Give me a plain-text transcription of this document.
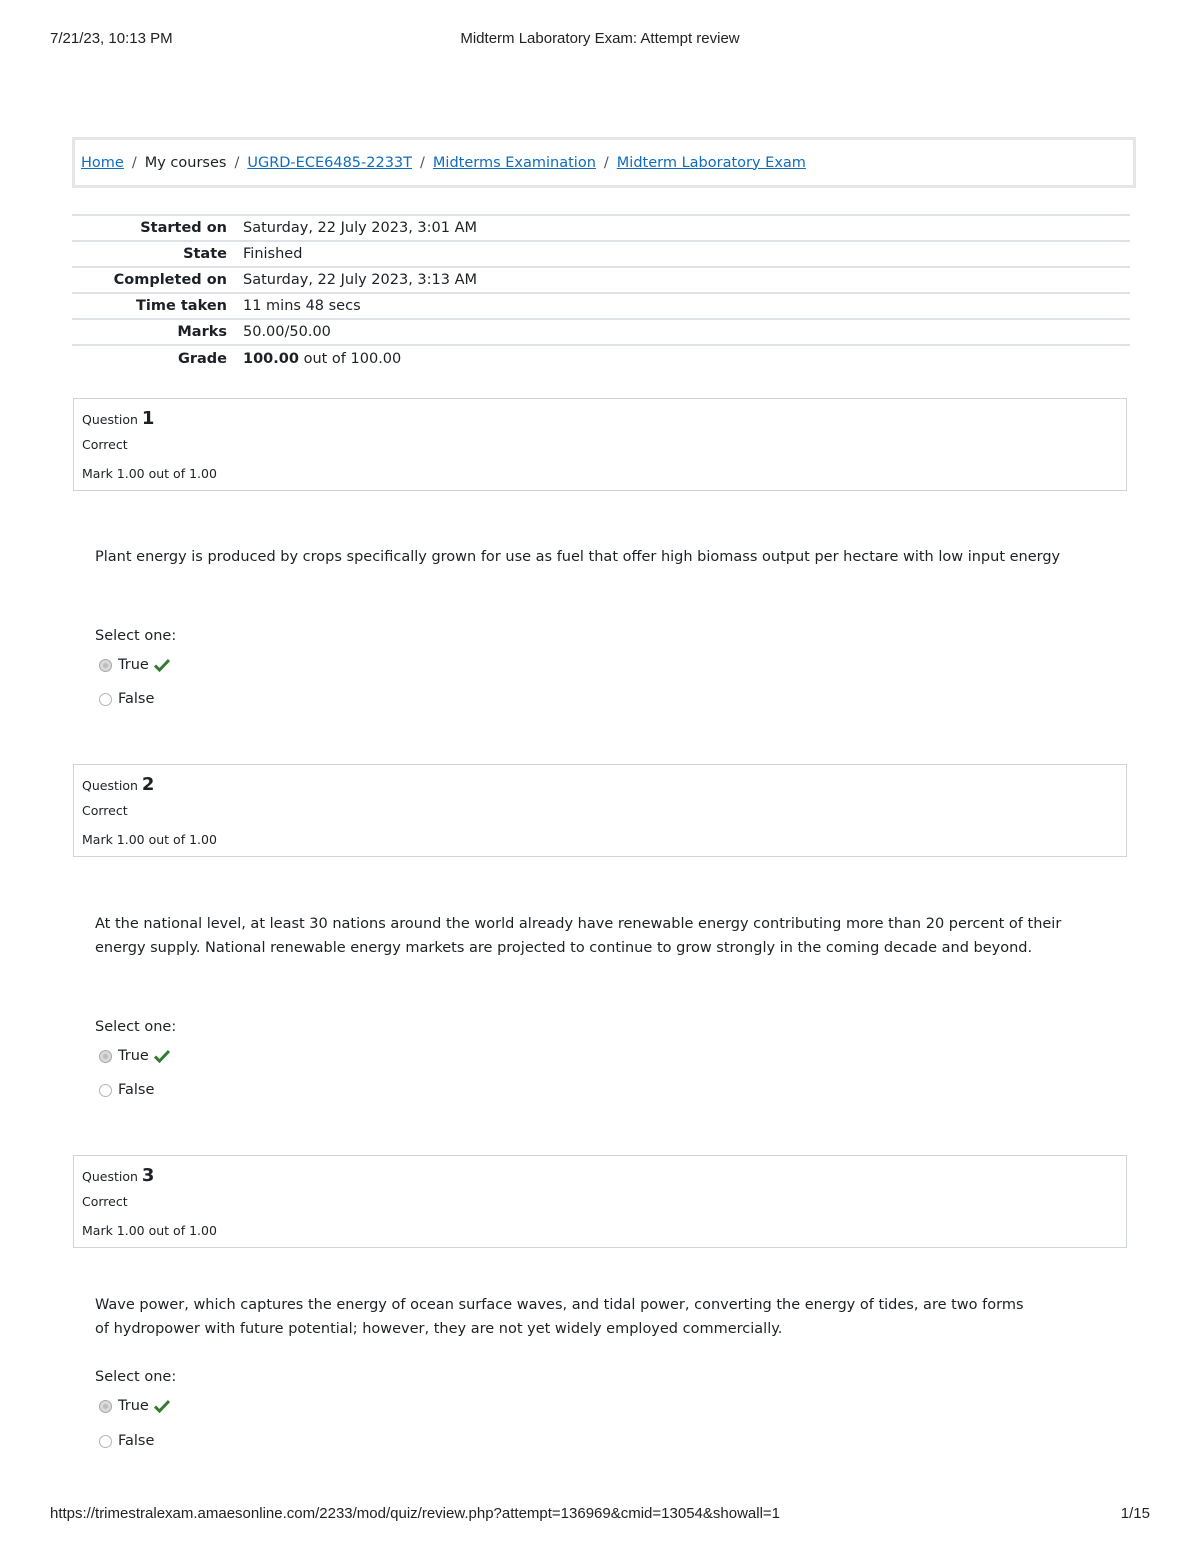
7/21/23, 10:13 PM	Midterm Laboratory Exam: Attempt review
Home / My courses / UGRD-ECE6485-2233T / Midterms Examination / Midterm Laboratory Exam
Started on	Saturday, 22 July 2023, 3:01 AM
State	Finished
Completed on	Saturday, 22 July 2023, 3:13 AM
Time taken	11 mins 48 secs
Marks	50.00/50.00
Grade	100.00 out of 100.00
Question 1
Correct
Mark 1.00 out of 1.00
Plant energy is produced by crops specifically grown for use as fuel that offer high biomass output per hectare with low input energy
Select one:
True
False
Question 2
Correct
Mark 1.00 out of 1.00
At the national level, at least 30 nations around the world already have renewable energy contributing more than 20 percent of their energy supply. National renewable energy markets are projected to continue to grow strongly in the coming decade and beyond.
Select one:
True
False
Question 3
Correct
Mark 1.00 out of 1.00
Wave power, which captures the energy of ocean surface waves, and tidal power, converting the energy of tides, are two forms of hydropower with future potential; however, they are not yet widely employed commercially.
Select one:
True
False
https://trimestralexam.amaesonline.com/2233/mod/quiz/review.php?attempt=136969&cmid=13054&showall=1	1/15
